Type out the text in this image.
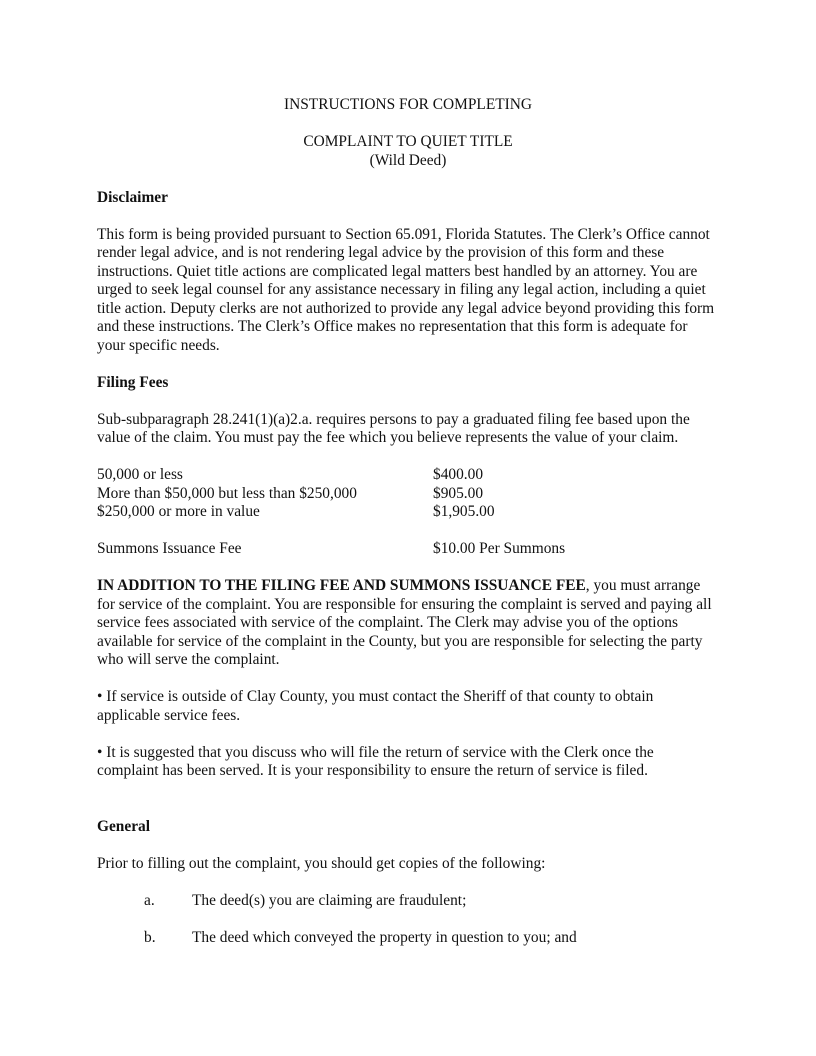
INSTRUCTIONS FOR COMPLETING

COMPLAINT TO QUIET TITLE

(Wild Deed)

Disclaimer

This form is being provided pursuant to Section 65.091, Florida Statutes. The Clerk’s Office cannot render legal advice, and is not rendering legal advice by the provision of this form and these instructions. Quiet title actions are complicated legal matters best handled by an attorney. You are urged to seek legal counsel for any assistance necessary in filing any legal action, including a quiet title action. Deputy clerks are not authorized to provide any legal advice beyond providing this form and these instructions. The Clerk’s Office makes no representation that this form is adequate for your specific needs.

Filing Fees

Sub-subparagraph 28.241(1)(a)2.a. requires persons to pay a graduated filing fee based upon the value of the claim. You must pay the fee which you believe represents the value of your claim.

50,000 or less	$400.00
More than $50,000 but less than $250,000	$905.00
$250,000 or more in value	$1,905.00
Summons Issuance Fee	$10.00 Per Summons

IN ADDITION TO THE FILING FEE AND SUMMONS ISSUANCE FEE, you must arrange for service of the complaint. You are responsible for ensuring the complaint is served and paying all service fees associated with service of the complaint. The Clerk may advise you of the options available for service of the complaint in the County, but you are responsible for selecting the party who will serve the complaint.

• If service is outside of Clay County, you must contact the Sheriff of that county to obtain applicable service fees.

• It is suggested that you discuss who will file the return of service with the Clerk once the complaint has been served. It is your responsibility to ensure the return of service is filed.

General

Prior to filling out the complaint, you should get copies of the following:

a.	The deed(s) you are claiming are fraudulent;
b.	The deed which conveyed the property in question to you; and
